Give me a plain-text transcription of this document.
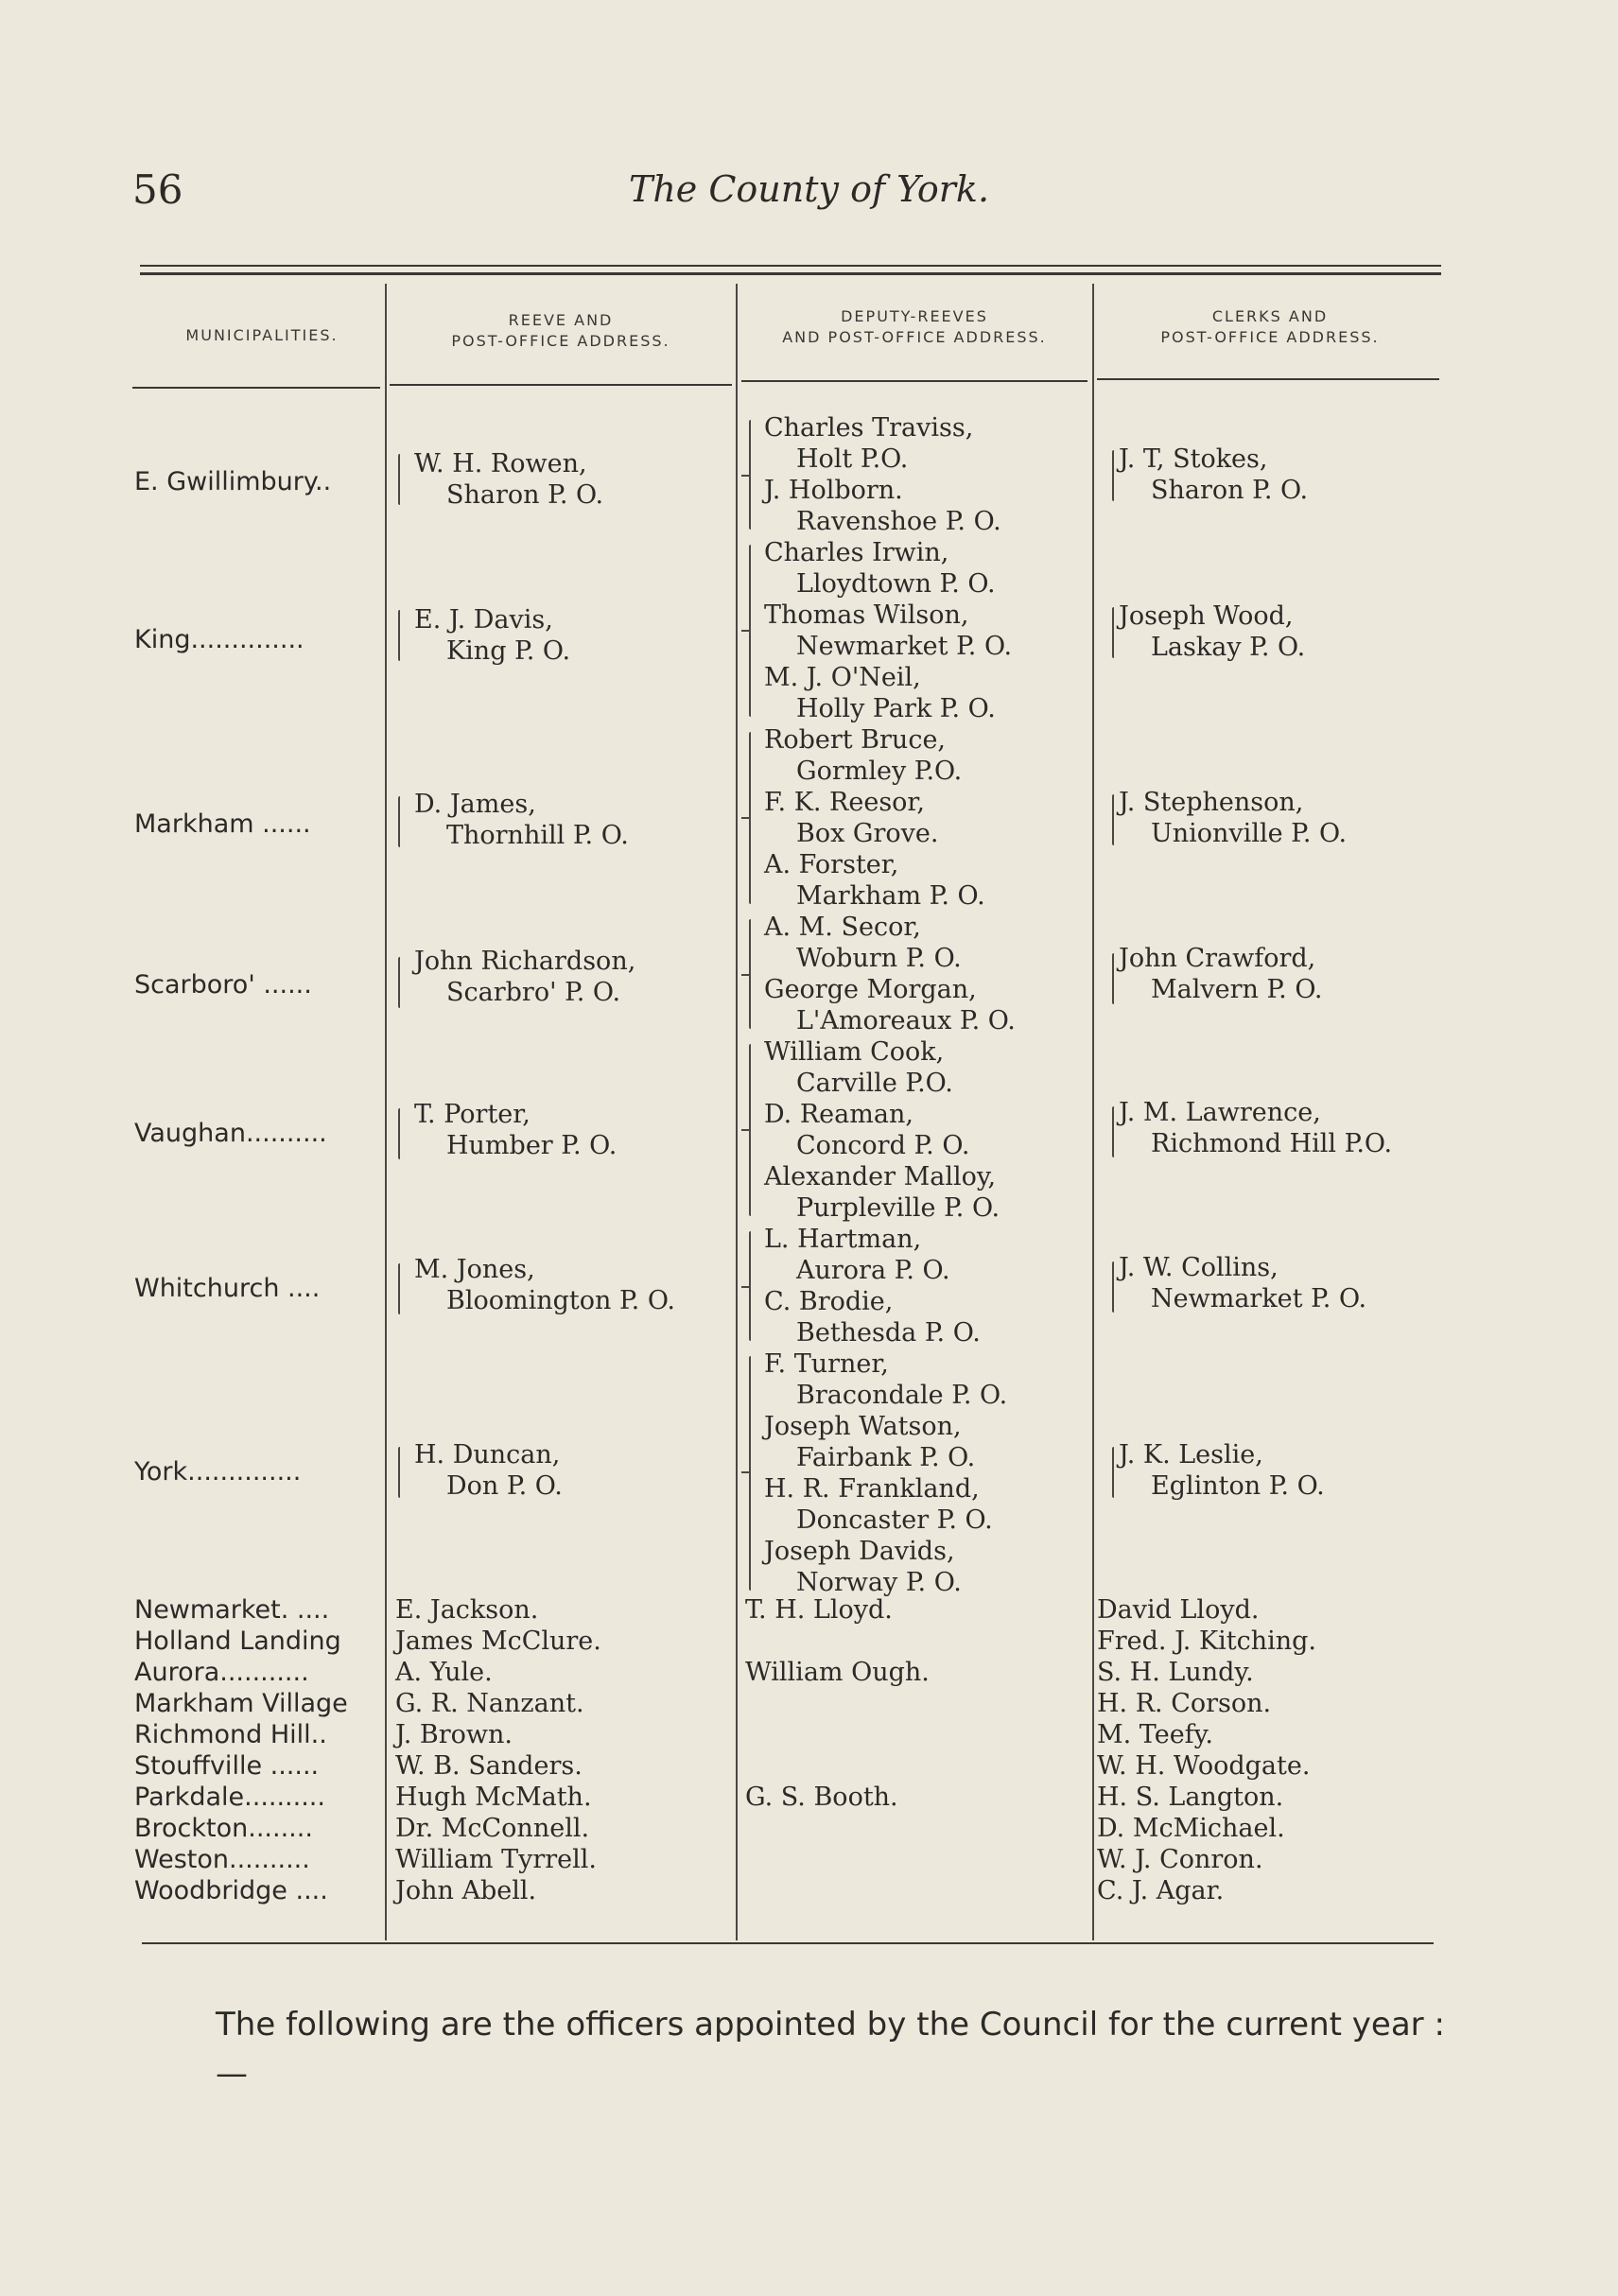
56	The County of York.
MUNICIPALITIES.
REEVE AND
POST-OFFICE ADDRESS.
DEPUTY-REEVES
AND POST-OFFICE ADDRESS.
CLERKS AND
POST-OFFICE ADDRESS.
E. Gwillimbury..
W. H. Rowen,
Sharon P. O.
J. T, Stokes,
Sharon P. O.
King..............
E. J. Davis,
King P. O.
Joseph Wood,
Laskay P. O.
Markham ......
D. James,
Thornhill P. O.
J. Stephenson,
Unionville P. O.
Scarboro' ......
John Richardson,
Scarbro' P. O.
John Crawford,
Malvern P. O.
Vaughan..........
T. Porter,
Humber P. O.
J. M. Lawrence,
Richmond Hill P.O.
Whitchurch ....
M. Jones,
Bloomington P. O.
J. W. Collins,
Newmarket P. O.
York..............
H. Duncan,
Don P. O.
J. K. Leslie,
Eglinton P. O.
Charles Traviss,
Holt P.O.
J. Holborn.
Ravenshoe P. O.
Charles Irwin,
Lloydtown P. O.
Thomas Wilson,
Newmarket P. O.
M. J. O'Neil,
Holly Park P. O.
Robert Bruce,
Gormley P.O.
F. K. Reesor,
Box Grove.
A. Forster,
Markham P. O.
A. M. Secor,
Woburn P. O.
George Morgan,
L'Amoreaux P. O.
William Cook,
Carville P.O.
D. Reaman,
Concord P. O.
Alexander Malloy,
Purpleville P. O.
L. Hartman,
Aurora P. O.
C. Brodie,
Bethesda P. O.
F. Turner,
Bracondale P. O.
Joseph Watson,
Fairbank P. O.
H. R. Frankland,
Doncaster P. O.
Joseph Davids,
Norway P. O.
Newmarket. ....
Holland Landing
Aurora...........
Markham Village
Richmond Hill..
Stouffville ......
Parkdale..........
Brockton........
Weston..........
Woodbridge ....
E. Jackson.
James McClure.
A. Yule.
G. R. Nanzant.
J. Brown.
W. B. Sanders.
Hugh McMath.
Dr. McConnell.
William Tyrrell.
John Abell.
T. H. Lloyd.
William Ough.
G. S. Booth.
David Lloyd.
Fred. J. Kitching.
S. H. Lundy.
H. R. Corson.
M. Teefy.
W. H. Woodgate.
H. S. Langton.
D. McMichael.
W. J. Conron.
C. J. Agar.
The following are the officers appointed by the Council for the current year :—
